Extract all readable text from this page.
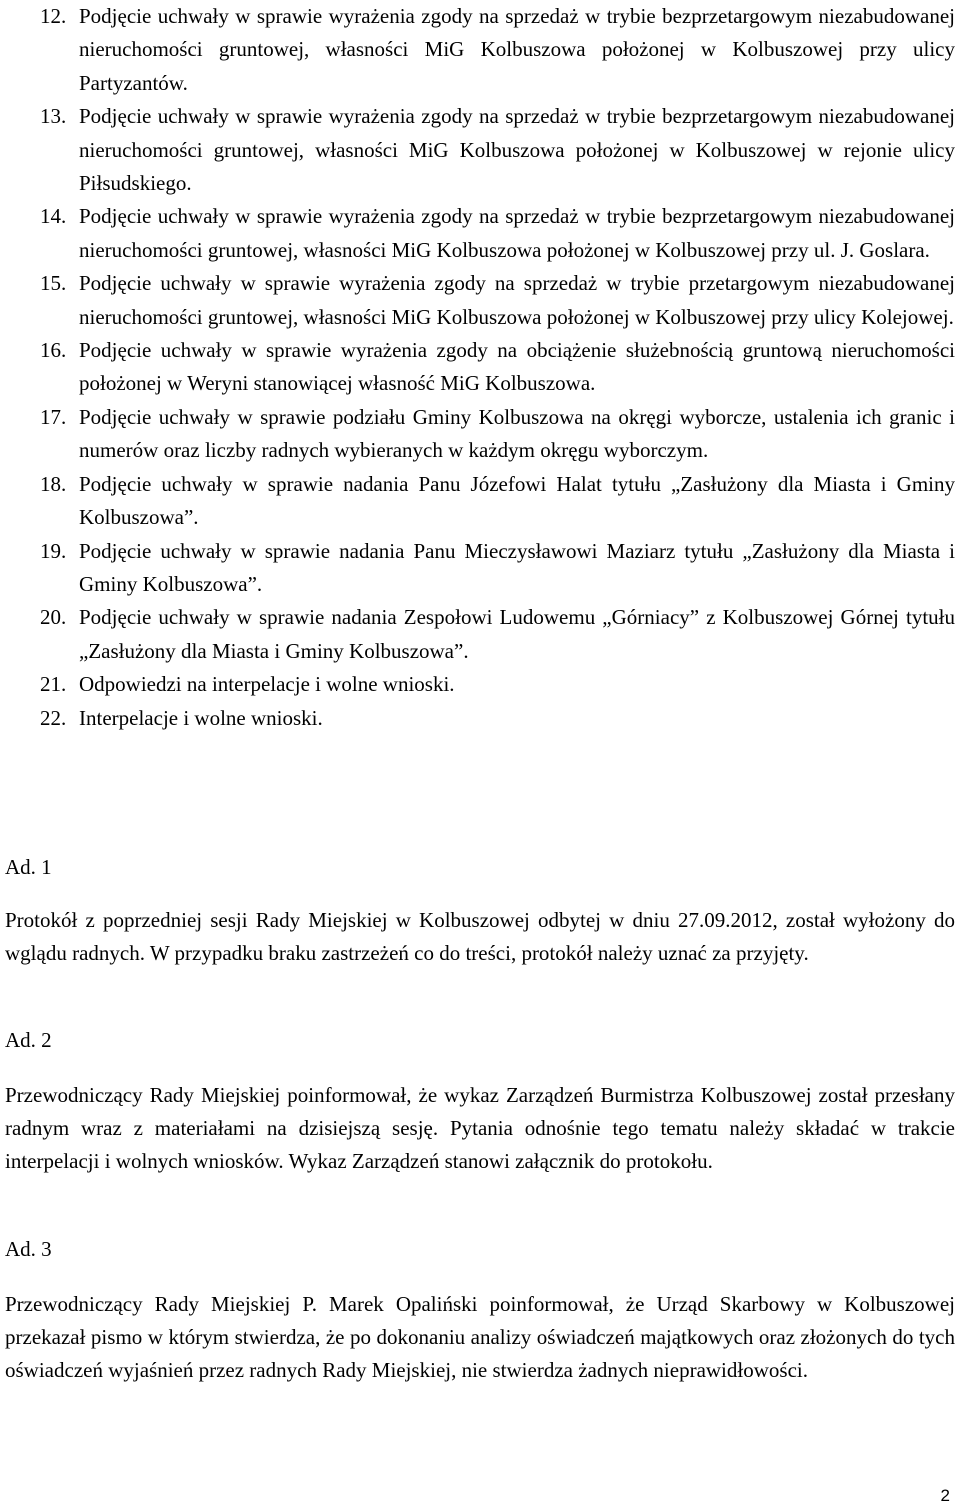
12. Podjęcie uchwały w sprawie wyrażenia zgody na sprzedaż w trybie bezprzetargowym niezabudowanej nieruchomości gruntowej, własności MiG Kolbuszowa położonej w Kolbuszowej przy ulicy Partyzantów.
13. Podjęcie uchwały w sprawie wyrażenia zgody na sprzedaż w trybie bezprzetargowym niezabudowanej nieruchomości gruntowej, własności MiG Kolbuszowa położonej w Kolbuszowej w rejonie ulicy Piłsudskiego.
14. Podjęcie uchwały w sprawie wyrażenia zgody na sprzedaż w trybie bezprzetargowym niezabudowanej nieruchomości gruntowej, własności MiG Kolbuszowa położonej w Kolbuszowej przy ul. J. Goslara.
15. Podjęcie uchwały w sprawie wyrażenia zgody na sprzedaż w trybie przetargowym niezabudowanej nieruchomości gruntowej, własności MiG Kolbuszowa położonej w Kolbuszowej przy ulicy Kolejowej.
16. Podjęcie uchwały w sprawie wyrażenia zgody na obciążenie służebnością gruntową nieruchomości położonej w Weryni stanowiącej własność MiG Kolbuszowa.
17. Podjęcie uchwały w sprawie podziału Gminy Kolbuszowa na okręgi wyborcze, ustalenia ich granic i numerów oraz liczby radnych wybieranych w każdym okręgu wyborczym.
18. Podjęcie uchwały w sprawie nadania Panu Józefowi Halat tytułu „Zasłużony dla Miasta i Gminy Kolbuszowa”.
19. Podjęcie uchwały w sprawie nadania Panu Mieczysławowi Maziarz tytułu „Zasłużony dla Miasta i Gminy Kolbuszowa”.
20. Podjęcie uchwały w sprawie nadania Zespołowi Ludowemu „Górniacy” z Kolbuszowej Górnej tytułu „Zasłużony dla Miasta i Gminy Kolbuszowa”.
21. Odpowiedzi na interpelacje i wolne wnioski.
22. Interpelacje i wolne wnioski.
Ad. 1

Protokół z poprzedniej sesji Rady Miejskiej w Kolbuszowej odbytej w dniu 27.09.2012, został wyłożony do wglądu radnych. W przypadku braku zastrzeżeń co do treści, protokół należy uznać za przyjęty.

Ad. 2

Przewodniczący Rady Miejskiej poinformował, że wykaz Zarządzeń Burmistrza Kolbuszowej został przesłany radnym wraz z materiałami na dzisiejszą sesję. Pytania odnośnie tego tematu należy składać w trakcie interpelacji i wolnych wniosków. Wykaz Zarządzeń stanowi załącznik do protokołu.

Ad. 3

Przewodniczący Rady Miejskiej P. Marek Opaliński poinformował, że Urząd Skarbowy w Kolbuszowej przekazał pismo w którym stwierdza, że po dokonaniu analizy oświadczeń majątkowych oraz złożonych do tych oświadczeń wyjaśnień przez radnych Rady Miejskiej, nie stwierdza żadnych nieprawidłowości.

2
